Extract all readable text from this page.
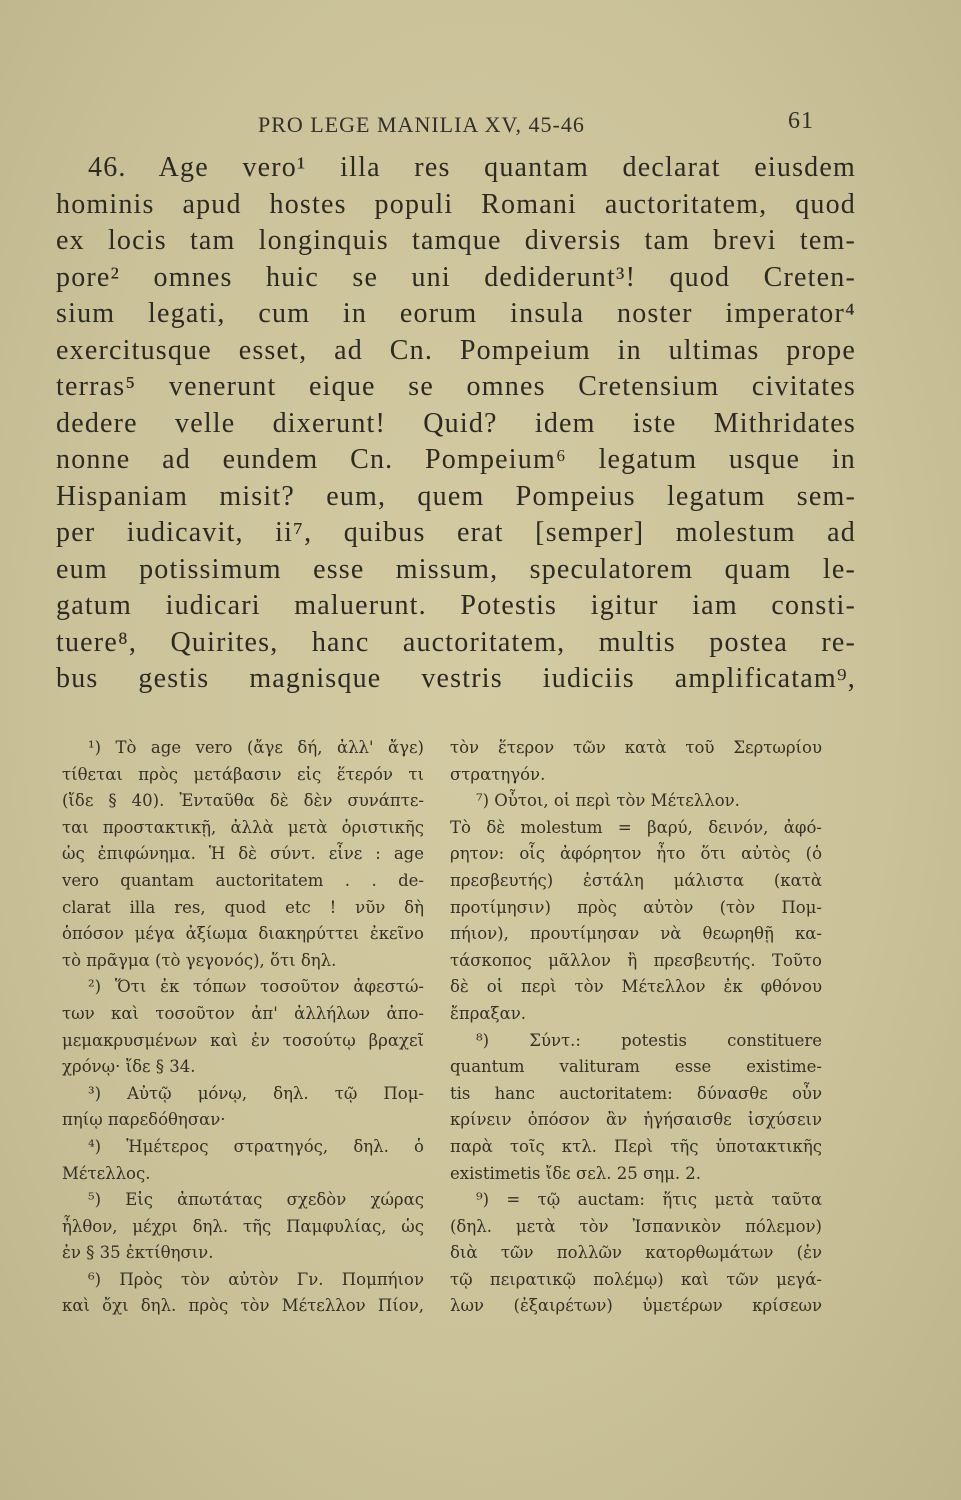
PRO LEGE MANILIA XV, 45-46	61
46. Age vero¹ illa res quantam declarat eiusdem
hominis apud hostes populi Romani auctoritatem, quod
ex locis tam longinquis tamque diversis tam brevi tem-
pore² omnes huic se uni dediderunt³! quod Creten-
sium legati, cum in eorum insula noster imperator⁴
exercitusque esset, ad Cn. Pompeium in ultimas prope
terras⁵ venerunt eique se omnes Cretensium civitates
dedere velle dixerunt! Quid? idem iste Mithridates
nonne ad eundem Cn. Pompeium⁶ legatum usque in
Hispaniam misit? eum, quem Pompeius legatum sem-
per iudicavit, ii⁷, quibus erat [semper] molestum ad
eum potissimum esse missum, speculatorem quam le-
gatum iudicari maluerunt. Potestis igitur iam consti-
tuere⁸, Quirites, hanc auctoritatem, multis postea re-
bus gestis magnisque vestris iudiciis amplificatam⁹,
¹) Τὸ age vero (ἄγε δή, ἀλλ' ἄγε)
τίθεται πρὸς μετάβασιν εἰς ἕτερόν τι
(ἴδε § 40). Ἐνταῦθα δὲ δὲν συνάπτε-
ται προστακτικῇ, ἀλλὰ μετὰ ὁριστικῆς
ὡς ἐπιφώνημα. Ἡ δὲ σύντ. εἶνε : age
vero quantam auctoritatem . . de-
clarat illa res, quod etc ! νῦν δὴ
ὁπόσον μέγα ἀξίωμα διακηρύττει ἐκεῖνο
τὸ πρᾶγμα (τὸ γεγονός), ὅτι δηλ.
²) Ὅτι ἐκ τόπων τοσοῦτον ἀφεστώ-
των καὶ τοσοῦτον ἀπ' ἀλλήλων ἀπο-
μεμακρυσμένων καὶ ἐν τοσούτῳ βραχεῖ
χρόνῳ· ἴδε § 34.
³) Αὐτῷ μόνῳ, δηλ. τῷ Πομ-
πηίῳ παρεδόθησαν·
⁴) Ἡμέτερος στρατηγός, δηλ. ὁ
Μέτελλος.
⁵) Εἰς ἀπωτάτας σχεδὸν χώρας
ἦλθον, μέχρι δηλ. τῆς Παμφυλίας, ὡς
ἐν § 35 ἐκτίθησιν.
⁶) Πρὸς τὸν αὐτὸν Γν. Πομπήιον
καὶ ὄχι δηλ. πρὸς τὸν Μέτελλον Πίον,
τὸν ἕτερον τῶν κατὰ τοῦ Σερτωρίου
στρατηγόν.
⁷) Οὗτοι, οἱ περὶ τὸν Μέτελλον.
Τὸ δὲ molestum = βαρύ, δεινόν, ἀφό-
ρητον: οἷς ἀφόρητον ἦτο ὅτι αὐτὸς (ὁ
πρεσβευτής) ἐστάλη μάλιστα (κατὰ
προτίμησιν) πρὸς αὐτὸν (τὸν Πομ-
πήιον), προυτίμησαν νὰ θεωρηθῇ κα-
τάσκοπος μᾶλλον ἢ πρεσβευτής. Τοῦτο
δὲ οἱ περὶ τὸν Μέτελλον ἐκ φθόνου
ἔπραξαν.
⁸) Σύντ.: potestis constituere
quantum valituram esse existime-
tis hanc auctoritatem: δύνασθε οὖν
κρίνειν ὁπόσον ἂν ἡγήσαισθε ἰσχύσειν
παρὰ τοῖς κτλ. Περὶ τῆς ὑποτακτικῆς
existimetis ἴδε σελ. 25 σημ. 2.
⁹) = τῷ auctam: ἥτις μετὰ ταῦτα
(δηλ. μετὰ τὸν Ἰσπανικὸν πόλεμον)
διὰ τῶν πολλῶν κατορθωμάτων (ἐν
τῷ πειρατικῷ πολέμῳ) καὶ τῶν μεγά-
λων (ἐξαιρέτων) ὑμετέρων κρίσεων
